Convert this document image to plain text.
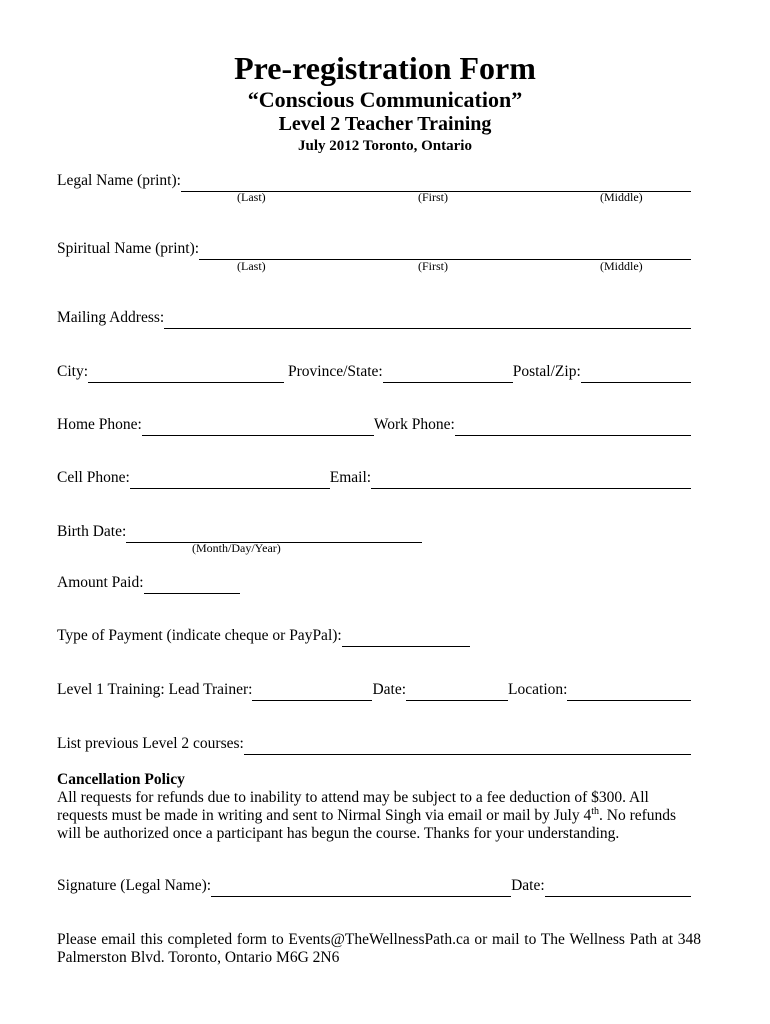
Pre-registration Form
“Conscious Communication”
Level 2 Teacher Training
July 2012 Toronto, Ontario
Legal Name (print):
(Last)	(First)	(Middle)
Spiritual Name (print):
(Last)	(First)	(Middle)
Mailing Address:
City:	Province/State:	Postal/Zip:
Home Phone:	Work Phone:
Cell Phone:	Email:
Birth Date:
(Month/Day/Year)
Amount Paid:
Type of Payment (indicate cheque or PayPal):
Level 1 Training: Lead Trainer:	Date:	Location:
List previous Level 2 courses:
Cancellation Policy
All requests for refunds due to inability to attend may be subject to a fee deduction of $300. All requests must be made in writing and sent to Nirmal Singh via email or mail by July 4th. No refunds will be authorized once a participant has begun the course. Thanks for your understanding.
Signature (Legal Name):	Date:
Please email this completed form to Events@TheWellnessPath.ca or mail to The Wellness Path at 348 Palmerston Blvd. Toronto, Ontario M6G 2N6
